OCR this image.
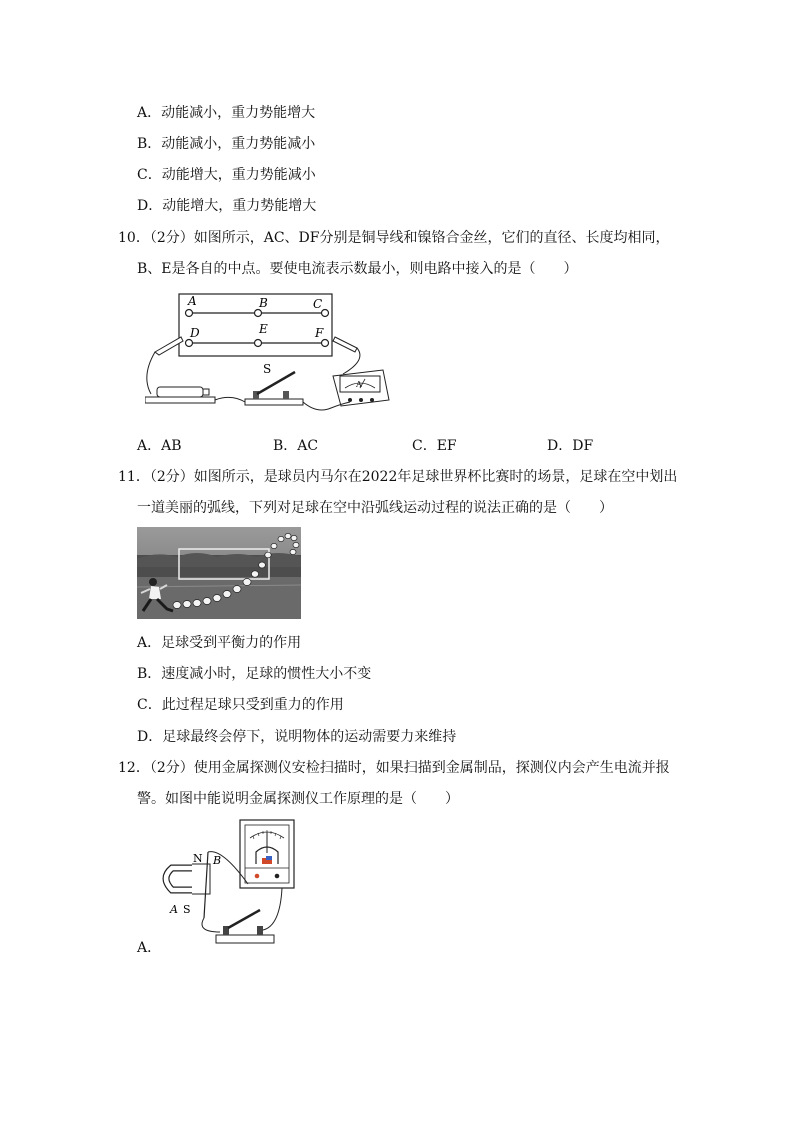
A．动能减小，重力势能增大
B．动能减小，重力势能减小
C．动能增大，重力势能减小
D．动能增大，重力势能增大
10．（2分）如图所示，AC、DF分别是铜导线和镍铬合金丝，它们的直径、长度均相同，
B、E是各自的中点。要使电流表示数最小，则电路中接入的是（　　）
A	B	C
D	E	F
S
A
A．AB	B．AC	C．EF	D．DF
11．（2分）如图所示，是球员内马尔在2022年足球世界杯比赛时的场景，足球在空中划出
一道美丽的弧线，下列对足球在空中沿弧线运动过程的说法正确的是（　　）
A．足球受到平衡力的作用
B．速度减小时，足球的惯性大小不变
C．此过程足球只受到重力的作用
D．足球最终会停下，说明物体的运动需要力来维持
12．（2分）使用金属探测仪安检扫描时，如果扫描到金属制品，探测仪内会产生电流并报
警。如图中能说明金属探测仪工作原理的是（　　）
N
S
B
A
A．
